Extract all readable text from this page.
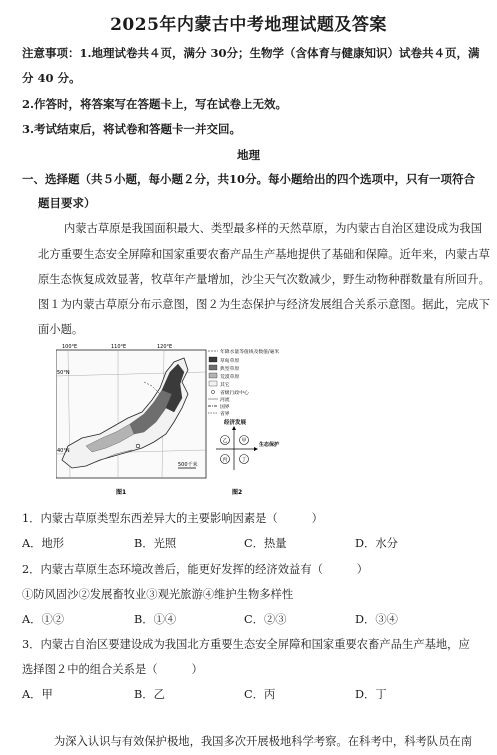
2025年内蒙古中考地理试题及答案
注意事项：1.地理试卷共４页，满分 30分；生物学（含体育与健康知识）试卷共４页，满
分 40 分。
2.作答时，将答案写在答题卡上，写在试卷上无效。
3.考试结束后，将试卷和答题卡一并交回。
地理
一、选择题（共５小题，每小题２分，共10分。每小题给出的四个选项中，只有一项符合
题目要求）
内蒙古草原是我国面积最大、类型最多样的天然草原，为内蒙古自治区建设成为我国
北方重要生态安全屏障和国家重要农畜产品生产基地提供了基础和保障。近年来，内蒙古草
原生态恢复成效显著，牧草年产量增加，沙尘天气次数减少，野生动物种群数量有所回升。
图１为内蒙古草原分布示意图，图２为生态保护与经济发展组合关系示意图。据此，完成下
面小题。
100°E	110°E	120°E
50°N
40°N
500千米
年降水量等值线及数值/毫米
草甸草原
典型草原
荒漠草原
其它
省级行政中心
河流
国界
省界
经济发展
生态保护
乙	甲
丙	丁
图1	图2
1．内蒙古草原类型东西差异大的主要影响因素是（　　　）
A．地形	B．光照	C．热量	D．水分
2．内蒙古草原生态环境改善后，能更好发挥的经济效益有（　　　）
①防风固沙②发展畜牧业③观光旅游④维护生物多样性
A．①②	B．①④	C．②③	D．③④
3．内蒙古自治区要建设成为我国北方重要生态安全屏障和国家重要农畜产品生产基地，应
选择图２中的组合关系是（　　　）
A．甲	B．乙	C．丙	D．丁
为深入认识与有效保护极地，我国多次开展极地科学考察。在科考中，科考队员在南
